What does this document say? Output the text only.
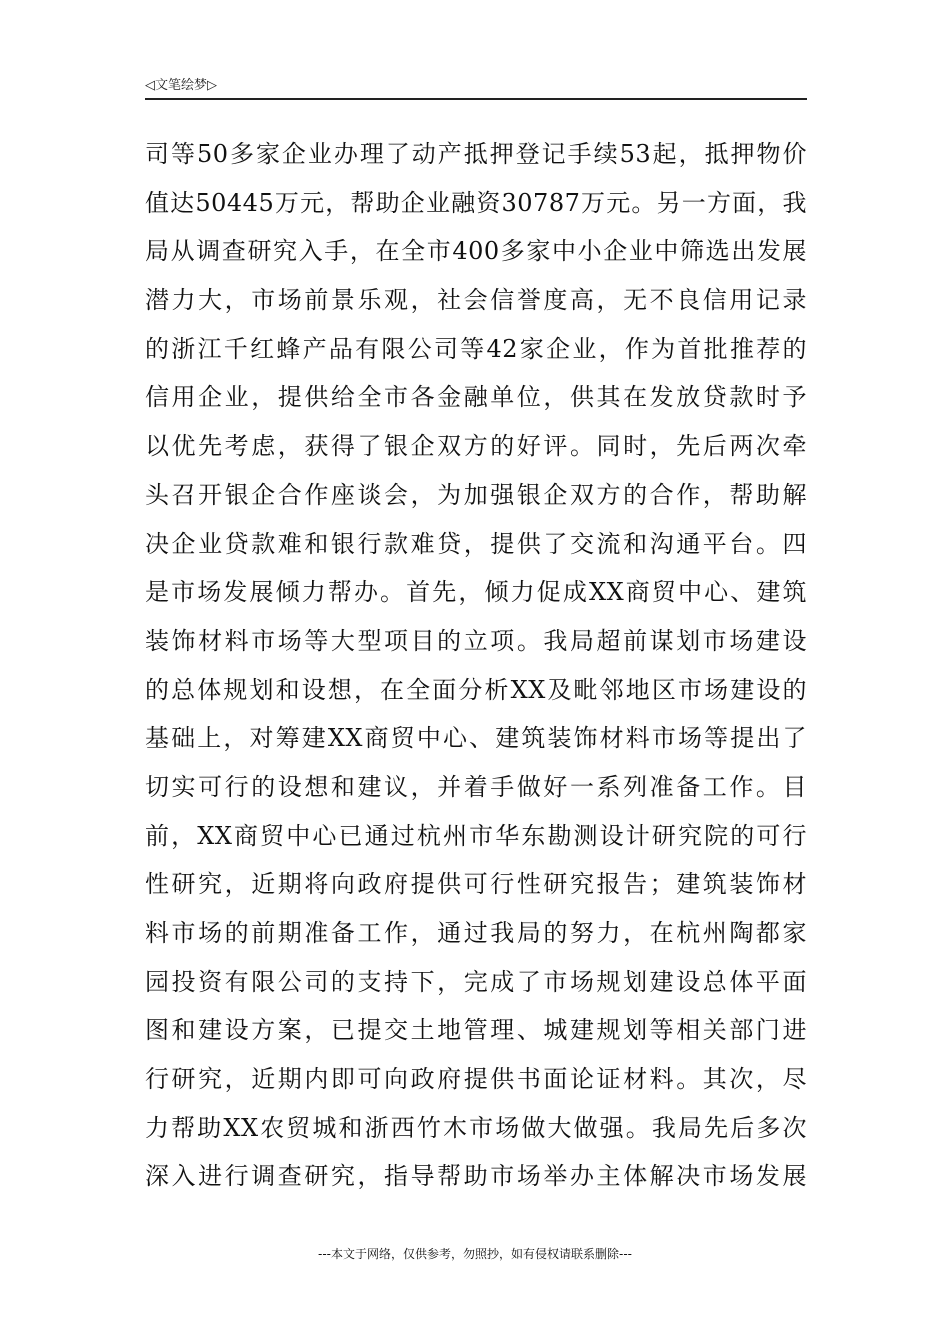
◁文笔绘梦▷
司等50多家企业办理了动产抵押登记手续53起，抵押物价
值达50445万元，帮助企业融资30787万元。另一方面，我
局从调查研究入手，在全市400多家中小企业中筛选出发展
潜力大，市场前景乐观，社会信誉度高，无不良信用记录
的浙江千红蜂产品有限公司等42家企业，作为首批推荐的
信用企业，提供给全市各金融单位，供其在发放贷款时予
以优先考虑，获得了银企双方的好评。同时，先后两次牵
头召开银企合作座谈会，为加强银企双方的合作，帮助解
决企业贷款难和银行款难贷，提供了交流和沟通平台。四
是市场发展倾力帮办。首先，倾力促成XX商贸中心、建筑
装饰材料市场等大型项目的立项。我局超前谋划市场建设
的总体规划和设想，在全面分析XX及毗邻地区市场建设的
基础上，对筹建XX商贸中心、建筑装饰材料市场等提出了
切实可行的设想和建议，并着手做好一系列准备工作。目
前，XX商贸中心已通过杭州市华东勘测设计研究院的可行
性研究，近期将向政府提供可行性研究报告；建筑装饰材
料市场的前期准备工作，通过我局的努力，在杭州陶都家
园投资有限公司的支持下，完成了市场规划建设总体平面
图和建设方案，已提交土地管理、城建规划等相关部门进
行研究，近期内即可向政府提供书面论证材料。其次，尽
力帮助XX农贸城和浙西竹木市场做大做强。我局先后多次
深入进行调查研究，指导帮助市场举办主体解决市场发展
---本文于网络，仅供参考，勿照抄，如有侵权请联系删除---
